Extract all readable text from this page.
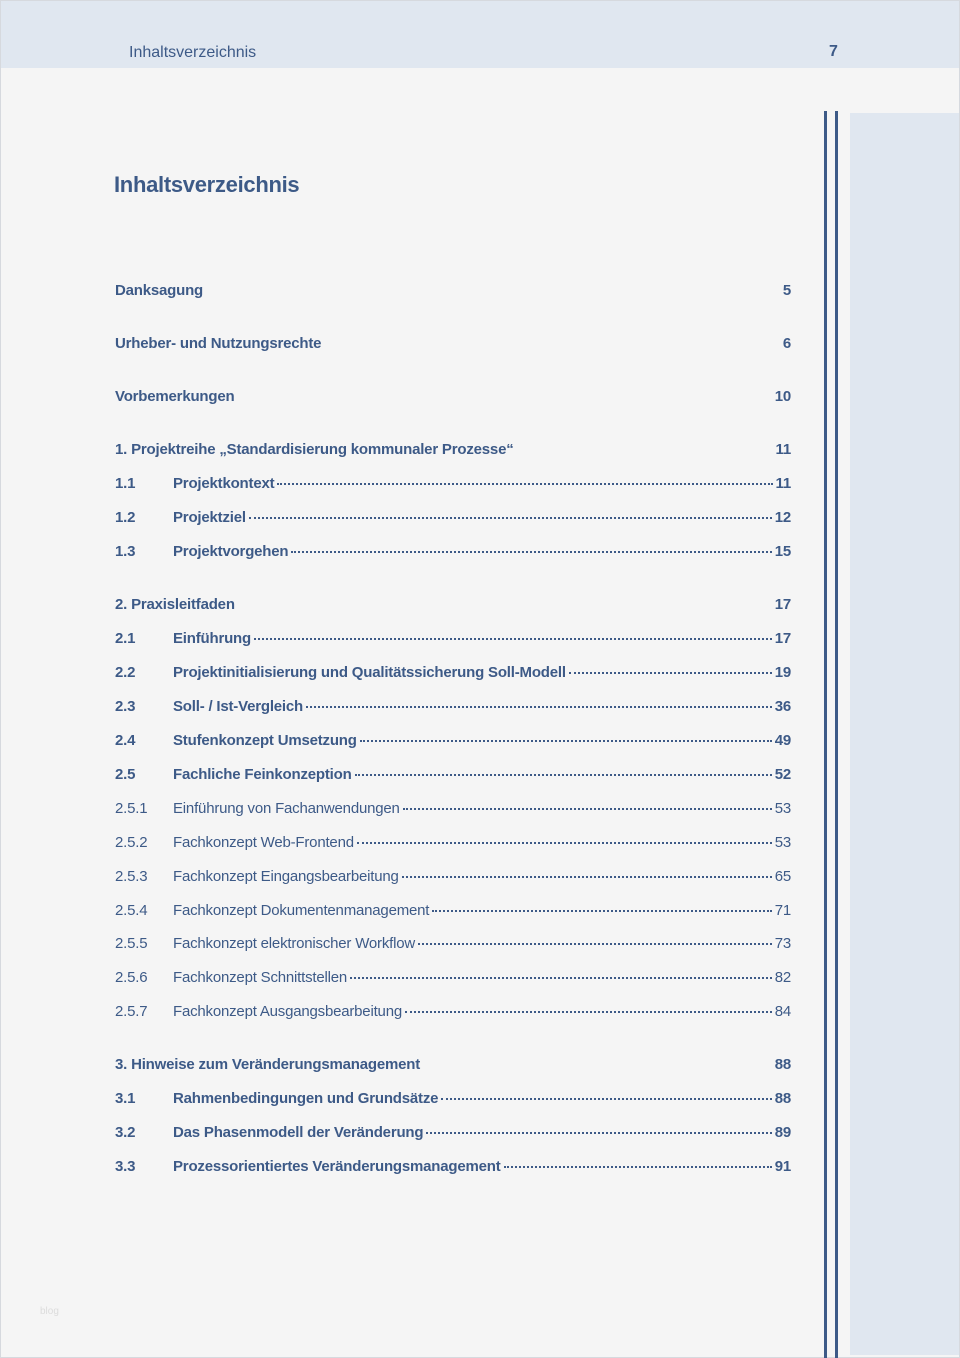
Inhaltsverzeichnis	7
Inhaltsverzeichnis
Danksagung	5
Urheber- und Nutzungsrechte	6
Vorbemerkungen	10
1. Projektreihe „Standardisierung kommunaler Prozesse“	11
1.1	Projektkontext	11
1.2	Projektziel	12
1.3	Projektvorgehen	15
2. Praxisleitfaden	17
2.1	Einführung	17
2.2	Projektinitialisierung und Qualitätssicherung Soll-Modell	19
2.3	Soll- / Ist-Vergleich	36
2.4	Stufenkonzept Umsetzung	49
2.5	Fachliche Feinkonzeption	52
2.5.1	Einführung von Fachanwendungen	53
2.5.2	Fachkonzept Web-Frontend	53
2.5.3	Fachkonzept Eingangsbearbeitung	65
2.5.4	Fachkonzept Dokumentenmanagement	71
2.5.5	Fachkonzept elektronischer Workflow	73
2.5.6	Fachkonzept Schnittstellen	82
2.5.7	Fachkonzept Ausgangsbearbeitung	84
3. Hinweise zum Veränderungsmanagement	88
3.1	Rahmenbedingungen und Grundsätze	88
3.2	Das Phasenmodell der Veränderung	89
3.3	Prozessorientiertes Veränderungsmanagement	91
blog
